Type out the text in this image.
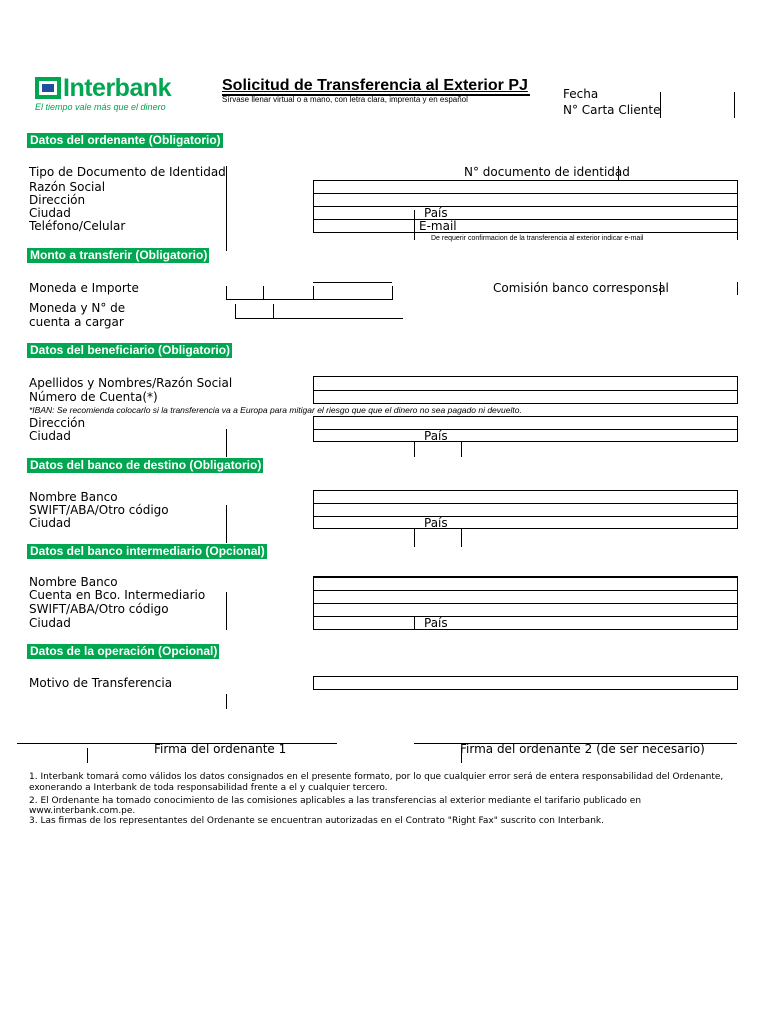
Interbank
El tiempo vale más que el dinero
Solicitud de Transferencia al Exterior PJ
Sírvase llenar virtual o a mano, con letra clara, imprenta y en español	Fecha
N° Carta Cliente
Datos del ordenante (Obligatorio)
Tipo de Documento de Identidad	N° documento de identidad
Razón Social
Dirección
Ciudad	País
Teléfono/Celular	E-mail
De requerir confirmacion de la transferencia al exterior indicar e-mail
Monto a transferir (Obligatorio)
Moneda e Importe	Comisión banco corresponsal
Moneda y N° de
cuenta a cargar
Datos del beneficiario (Obligatorio)
Apellidos y Nombres/Razón Social
Número de Cuenta(*)
*IBAN: Se recomienda colocarlo si la transferencia va a Europa para mitigar el riesgo que que el dinero no sea pagado ni devuelto.
Dirección
Ciudad	País
Datos del banco de destino (Obligatorio)
Nombre Banco
SWIFT/ABA/Otro código
Ciudad	País
Datos del banco intermediario (Opcional)
Nombre Banco
Cuenta en Bco. Intermediario
SWIFT/ABA/Otro código
Ciudad	País
Datos de la operación (Opcional)
Motivo de Transferencia
Firma del ordenante 1	Firma del ordenante 2 (de ser necesario)
1. Interbank tomará como válidos los datos consignados en el presente formato, por lo que cualquier error será de entera responsabilidad del Ordenante,
exonerando a Interbank de toda responsabilidad frente a el y cualquier tercero.
2. El Ordenante ha tomado conocimiento de las comisiones aplicables a las transferencias al exterior mediante el tarifario publicado en
www.interbank.com.pe.
3. Las firmas de los representantes del Ordenante se encuentran autorizadas en el Contrato "Right Fax" suscrito con Interbank.
